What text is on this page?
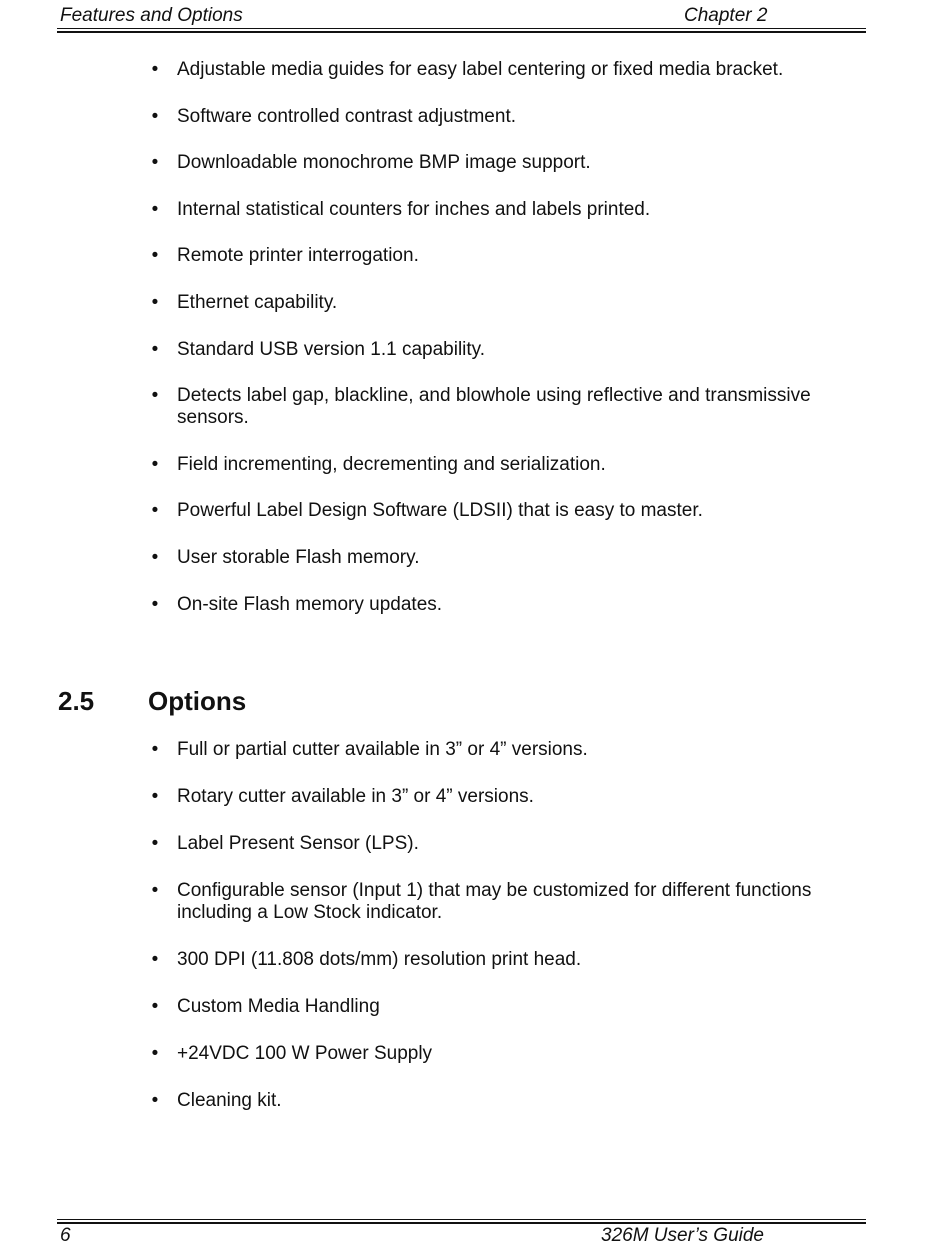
Features and Options	Chapter 2
• Adjustable media guides for easy label centering or fixed media bracket.
• Software controlled contrast adjustment.
• Downloadable monochrome BMP image support.
• Internal statistical counters for inches and labels printed.
• Remote printer interrogation.
• Ethernet capability.
• Standard USB version 1.1 capability.
• Detects label gap, blackline, and blowhole using reflective and transmissive sensors.
• Field incrementing, decrementing and serialization.
• Powerful Label Design Software (LDSII) that is easy to master.
• User storable Flash memory.
• On-site Flash memory updates.
2.5 Options
• Full or partial cutter available in 3” or 4” versions.
• Rotary cutter available in 3” or 4” versions.
• Label Present Sensor (LPS).
• Configurable sensor (Input 1) that may be customized for different functions including a Low Stock indicator.
• 300 DPI (11.808 dots/mm) resolution print head.
• Custom Media Handling
• +24VDC 100 W Power Supply
• Cleaning kit.
6	326M User’s Guide
